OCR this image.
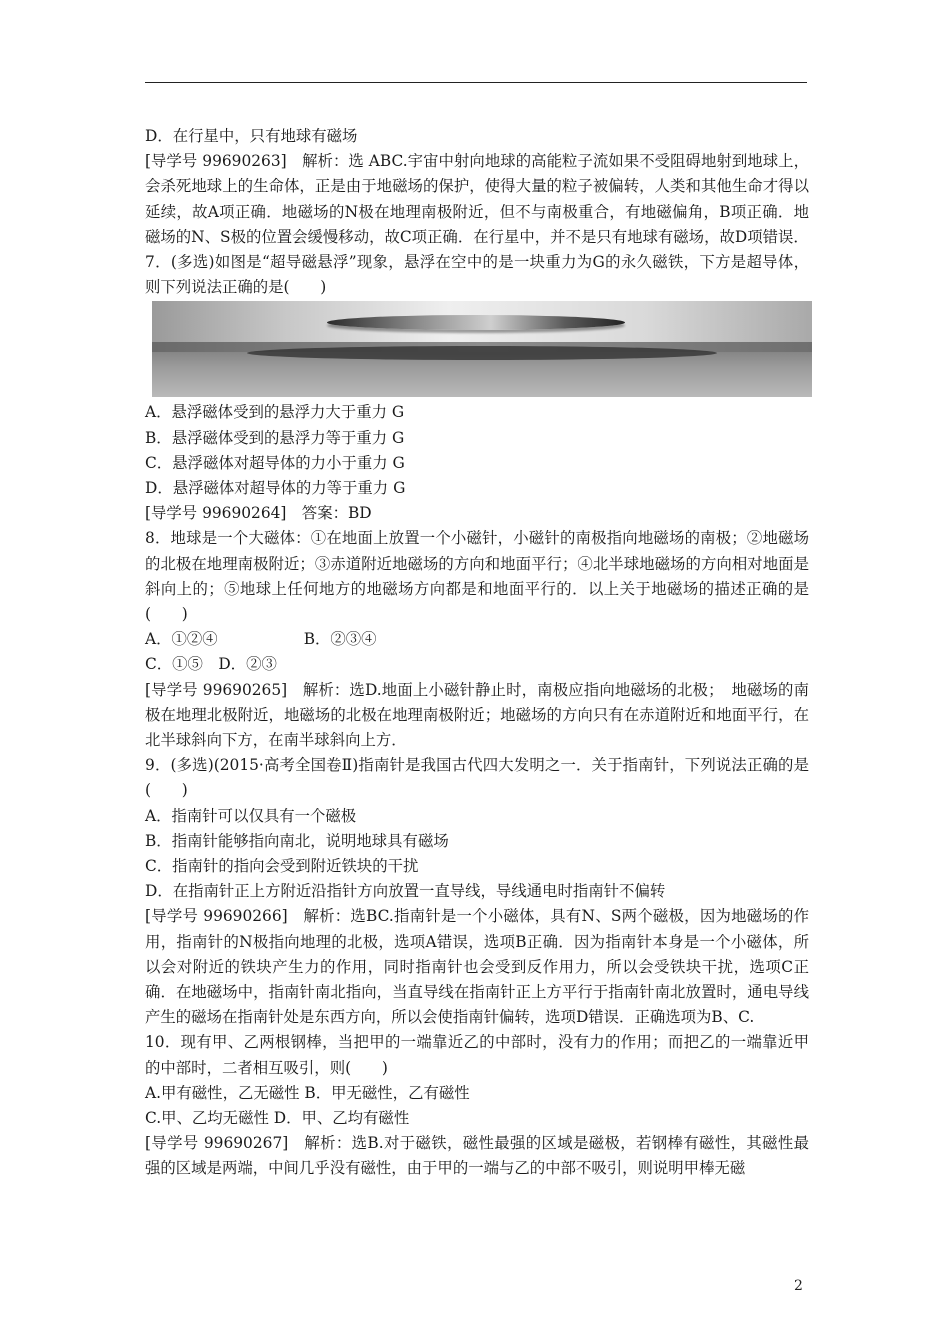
D．在行星中，只有地球有磁场
[导学号 99690263]　解析：选 ABC.宇宙中射向地球的高能粒子流如果不受阻碍地射到地球上，会杀死地球上的生命体，正是由于地磁场的保护，使得大量的粒子被偏转，人类和其他生命才得以延续，故A项正确．地磁场的N极在地理南极附近，但不与南极重合，有地磁偏角，B项正确．地磁场的N、S极的位置会缓慢移动，故C项正确．在行星中，并不是只有地球有磁场，故D项错误．
7．(多选)如图是“超导磁悬浮”现象，悬浮在空中的是一块重力为G的永久磁铁，下方是超导体，则下列说法正确的是(　　)
A．悬浮磁体受到的悬浮力大于重力 G
B．悬浮磁体受到的悬浮力等于重力 G
C．悬浮磁体对超导体的力小于重力 G
D．悬浮磁体对超导体的力等于重力 G
[导学号 99690264]　答案：BD
8．地球是一个大磁体：①在地面上放置一个小磁针，小磁针的南极指向地磁场的南极；②地磁场的北极在地理南极附近；③赤道附近地磁场的方向和地面平行；④北半球地磁场的方向相对地面是斜向上的；⑤地球上任何地方的地磁场方向都是和地面平行的．以上关于地磁场的描述正确的是(　　)
A．①②④	B．②③④
C．①⑤　D．②③
[导学号 99690265]　解析：选D.地面上小磁针静止时，南极应指向地磁场的北极；　地磁场的南极在地理北极附近，地磁场的北极在地理南极附近；地磁场的方向只有在赤道附近和地面平行，在北半球斜向下方，在南半球斜向上方．
9．(多选)(2015·高考全国卷Ⅱ)指南针是我国古代四大发明之一．关于指南针，下列说法正确的是(　　)
A．指南针可以仅具有一个磁极
B．指南针能够指向南北，说明地球具有磁场
C．指南针的指向会受到附近铁块的干扰
D．在指南针正上方附近沿指针方向放置一直导线，导线通电时指南针不偏转
[导学号 99690266]　解析：选BC.指南针是一个小磁体，具有N、S两个磁极，因为地磁场的作用，指南针的N极指向地理的北极，选项A错误，选项B正确．因为指南针本身是一个小磁体，所以会对附近的铁块产生力的作用，同时指南针也会受到反作用力，所以会受铁块干扰，选项C正确．在地磁场中，指南针南北指向，当直导线在指南针正上方平行于指南针南北放置时，通电导线产生的磁场在指南针处是东西方向，所以会使指南针偏转，选项D错误．正确选项为B、C.
10．现有甲、乙两根钢棒，当把甲的一端靠近乙的中部时，没有力的作用；而把乙的一端靠近甲的中部时，二者相互吸引，则(　　)
A.甲有磁性，乙无磁性 B．甲无磁性，乙有磁性
C.甲、乙均无磁性 D．甲、乙均有磁性
[导学号 99690267]　解析：选B.对于磁铁，磁性最强的区域是磁极，若钢棒有磁性，其磁性最强的区域是两端，中间几乎没有磁性，由于甲的一端与乙的中部不吸引，则说明甲棒无磁
2
